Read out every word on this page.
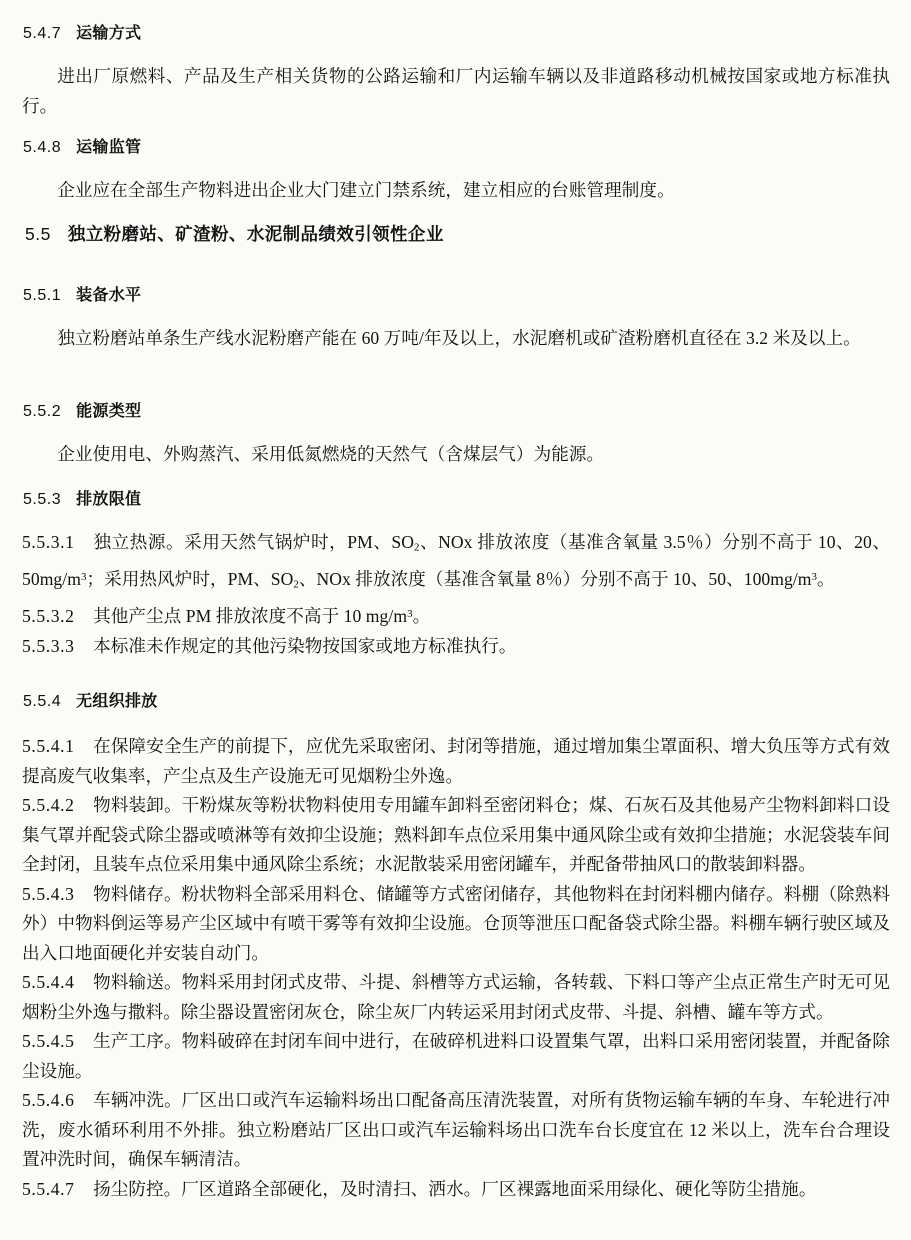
5.4.7 运输方式

进出厂原燃料、产品及生产相关货物的公路运输和厂内运输车辆以及非道路移动机械按国家或地方标准执行。

5.4.8 运输监管

企业应在全部生产物料进出企业大门建立门禁系统，建立相应的台账管理制度。

5.5 独立粉磨站、矿渣粉、水泥制品绩效引领性企业
5.5.1 装备水平

独立粉磨站单条生产线水泥粉磨产能在 60 万吨/年及以上，水泥磨机或矿渣粉磨机直径在 3.2 米及以上。

5.5.2 能源类型

企业使用电、外购蒸汽、采用低氮燃烧的天然气（含煤层气）为能源。

5.5.3 排放限值

5.5.3.1 独立热源。采用天然气锅炉时，PM、$SO_2$、NOx 排放浓度（基准含氧量 3.5％）分别不高于 10、20、$50mg/m^3$；采用热风炉时，PM、$SO_2$、NOx 排放浓度（基准含氧量 8％）分别不高于 10、50、$100mg/m^3$。

5.5.3.2 其他产尘点 PM 排放浓度不高于 10 $mg/m^3$。

5.5.3.3 本标准未作规定的其他污染物按国家或地方标准执行。

5.5.4 无组织排放

5.5.4.1 在保障安全生产的前提下，应优先采取密闭、封闭等措施，通过增加集尘罩面积、增大负压等方式有效提高废气收集率，产尘点及生产设施无可见烟粉尘外逸。

5.5.4.2 物料装卸。干粉煤灰等粉状物料使用专用罐车卸料至密闭料仓；煤、石灰石及其他易产尘物料卸料口设集气罩并配袋式除尘器或喷淋等有效抑尘设施；熟料卸车点位采用集中通风除尘或有效抑尘措施；水泥袋装车间全封闭，且装车点位采用集中通风除尘系统；水泥散装采用密闭罐车，并配备带抽风口的散装卸料器。

5.5.4.3 物料储存。粉状物料全部采用料仓、储罐等方式密闭储存，其他物料在封闭料棚内储存。料棚（除熟料外）中物料倒运等易产尘区域中有喷干雾等有效抑尘设施。仓顶等泄压口配备袋式除尘器。料棚车辆行驶区域及出入口地面硬化并安装自动门。

5.5.4.4 物料输送。物料采用封闭式皮带、斗提、斜槽等方式运输，各转载、下料口等产尘点正常生产时无可见烟粉尘外逸与撒料。除尘器设置密闭灰仓，除尘灰厂内转运采用封闭式皮带、斗提、斜槽、罐车等方式。

5.5.4.5 生产工序。物料破碎在封闭车间中进行，在破碎机进料口设置集气罩，出料口采用密闭装置，并配备除尘设施。

5.5.4.6 车辆冲洗。厂区出口或汽车运输料场出口配备高压清洗装置，对所有货物运输车辆的车身、车轮进行冲洗，废水循环利用不外排。独立粉磨站厂区出口或汽车运输料场出口洗车台长度宜在 12 米以上，洗车台合理设置冲洗时间，确保车辆清洁。

5.5.4.7 扬尘防控。厂区道路全部硬化，及时清扫、洒水。厂区裸露地面采用绿化、硬化等防尘措施。
